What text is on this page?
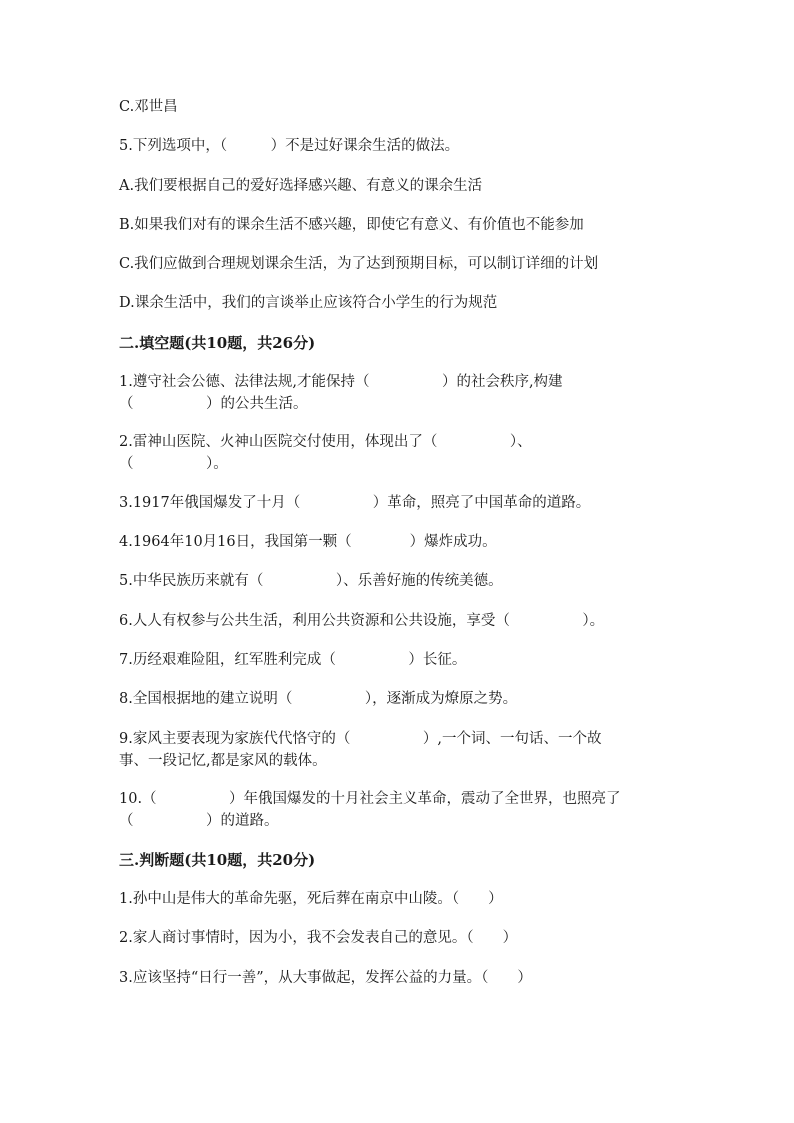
C.邓世昌
5.下列选项中，（　　　）不是过好课余生活的做法。
A.我们要根据自己的爱好选择感兴趣、有意义的课余生活
B.如果我们对有的课余生活不感兴趣，即使它有意义、有价值也不能参加
C.我们应做到合理规划课余生活，为了达到预期目标，可以制订详细的计划
D.课余生活中，我们的言谈举止应该符合小学生的行为规范
二.填空题(共10题，共26分)
1.遵守社会公德、法律法规,才能保持（　　　　　）的社会秩序,构建
（　　　　　）的公共生活。
2.雷神山医院、火神山医院交付使用，体现出了（　　　　　）、
（　　　　　）。
3.1917年俄国爆发了十月（　　　　　）革命，照亮了中国革命的道路。
4.1964年10月16日，我国第一颗（　　　　）爆炸成功。
5.中华民族历来就有（　　　　　）、乐善好施的传统美德。
6.人人有权参与公共生活，利用公共资源和公共设施，享受（　　　　　）。
7.历经艰难险阻，红军胜利完成（　　　　　）长征。
8.全国根据地的建立说明（　　　　　），逐渐成为燎原之势。
9.家风主要表现为家族代代恪守的（　　　　　）,一个词、一句话、一个故
事、一段记忆,都是家风的载体。
10.（　　　　　）年俄国爆发的十月社会主义革命，震动了全世界，也照亮了
（　　　　　）的道路。
三.判断题(共10题，共20分)
1.孙中山是伟大的革命先驱，死后葬在南京中山陵。（　　）
2.家人商讨事情时，因为小，我不会发表自己的意见。（　　）
3.应该坚持“日行一善”，从大事做起，发挥公益的力量。（　　）
